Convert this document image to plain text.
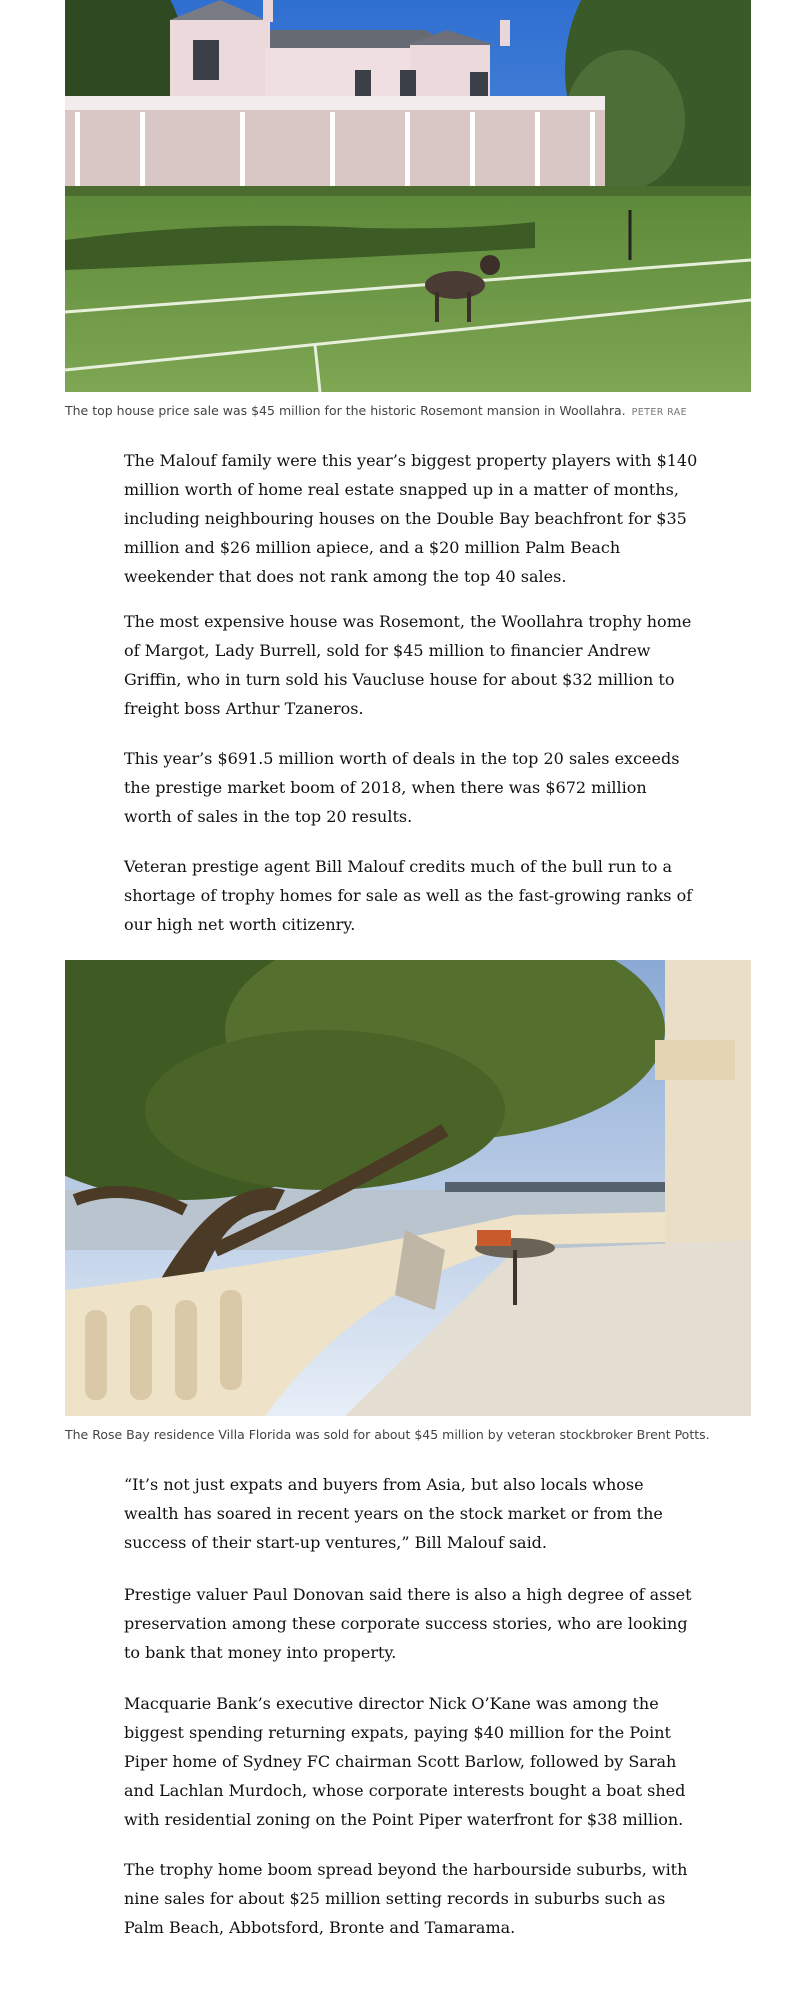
The top house price sale was $45 million for the historic Rosemont mansion in Woollahra. PETER RAE

The Malouf family were this year’s biggest property players with $140 million worth of home real estate snapped up in a matter of months, including neighbouring houses on the Double Bay beachfront for $35 million and $26 million apiece, and a $20 million Palm Beach weekender that does not rank among the top 40 sales.

The most expensive house was Rosemont, the Woollahra trophy home of Margot, Lady Burrell, sold for $45 million to financier Andrew Griffin, who in turn sold his Vaucluse house for about $32 million to freight boss Arthur Tzaneros.

This year’s $691.5 million worth of deals in the top 20 sales exceeds the prestige market boom of 2018, when there was $672 million worth of sales in the top 20 results.

Veteran prestige agent Bill Malouf credits much of the bull run to a shortage of trophy homes for sale as well as the fast-growing ranks of our high net worth citizenry.

The Rose Bay residence Villa Florida was sold for about $45 million by veteran stockbroker Brent Potts.

“It’s not just expats and buyers from Asia, but also locals whose wealth has soared in recent years on the stock market or from the success of their start-up ventures,” Bill Malouf said.

Prestige valuer Paul Donovan said there is also a high degree of asset preservation among these corporate success stories, who are looking to bank that money into property.

Macquarie Bank’s executive director Nick O’Kane was among the biggest spending returning expats, paying $40 million for the Point Piper home of Sydney FC chairman Scott Barlow, followed by Sarah and Lachlan Murdoch, whose corporate interests bought a boat shed with residential zoning on the Point Piper waterfront for $38 million.

The trophy home boom spread beyond the harbourside suburbs, with nine sales for about $25 million setting records in suburbs such as Palm Beach, Abbotsford, Bronte and Tamarama.
